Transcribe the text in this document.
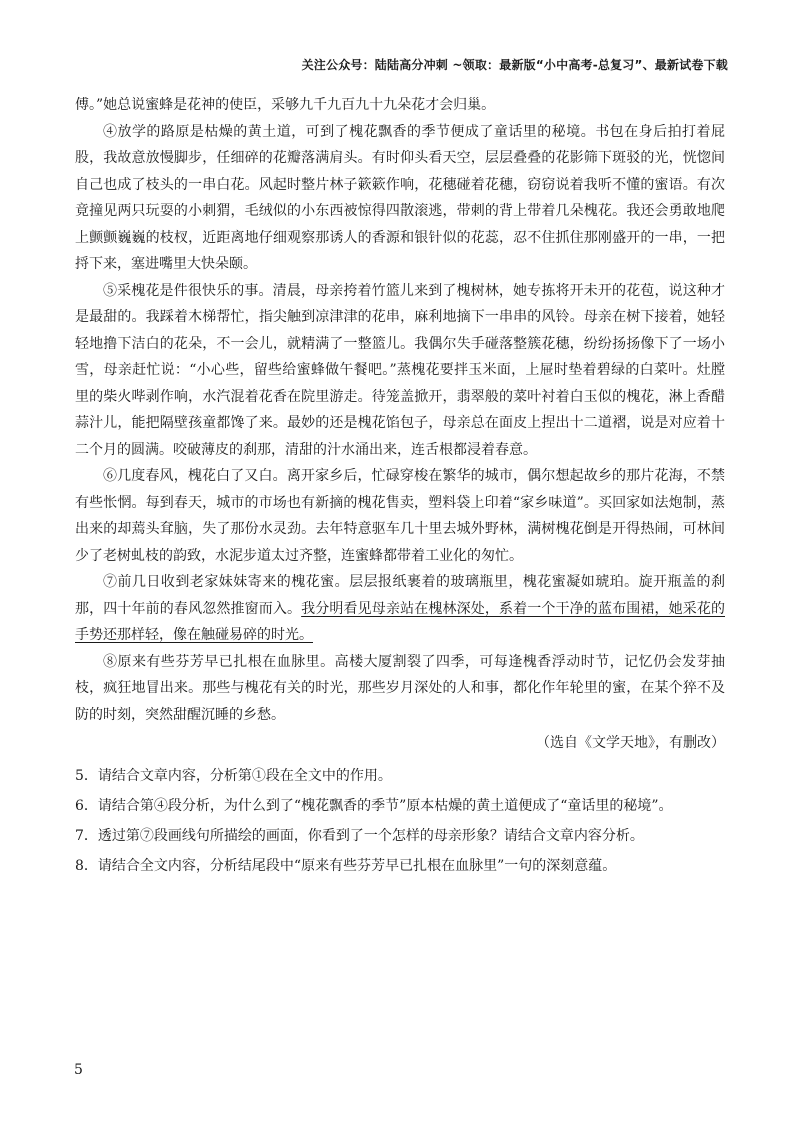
关注公众号：陆陆高分冲刺 ~领取：最新版“小中高考-总复习”、最新试卷下载

傅。”她总说蜜蜂是花神的使臣，采够九千九百九十九朵花才会归巢。

④放学的路原是枯燥的黄土道，可到了槐花飘香的季节便成了童话里的秘境。书包在身后拍打着屁股，我故意放慢脚步，任细碎的花瓣落满肩头。有时仰头看天空，层层叠叠的花影筛下斑驳的光，恍惚间自己也成了枝头的一串白花。风起时整片林子簌簌作响，花穗碰着花穗，窃窃说着我听不懂的蜜语。有次竟撞见两只玩耍的小刺猬，毛绒似的小东西被惊得四散滚逃，带刺的背上带着几朵槐花。我还会勇敢地爬上颤颤巍巍的枝杈，近距离地仔细观察那诱人的香源和银针似的花蕊，忍不住抓住那刚盛开的一串，一把捋下来，塞进嘴里大快朵颐。

⑤采槐花是件很快乐的事。清晨，母亲挎着竹篮儿来到了槐树林，她专拣将开未开的花苞，说这种才是最甜的。我踩着木梯帮忙，指尖触到凉津津的花串，麻利地摘下一串串的风铃。母亲在树下接着，她轻轻地撸下洁白的花朵，不一会儿，就精满了一整篮儿。我偶尔失手碰落整簇花穗，纷纷扬扬像下了一场小雪，母亲赶忙说：“小心些，留些给蜜蜂做午餐吧。”蒸槐花要拌玉米面，上屉时垫着碧绿的白菜叶。灶膛里的柴火哔剥作响，水汽混着花香在院里游走。待笼盖掀开，翡翠般的菜叶衬着白玉似的槐花，淋上香醋蒜汁儿，能把隔壁孩童都馋了来。最妙的还是槐花馅包子，母亲总在面皮上捏出十二道褶，说是对应着十二个月的圆满。咬破薄皮的刹那，清甜的汁水涌出来，连舌根都浸着春意。

⑥几度春风，槐花白了又白。离开家乡后，忙碌穿梭在繁华的城市，偶尔想起故乡的那片花海，不禁有些怅惘。每到春天，城市的市场也有新摘的槐花售卖，塑料袋上印着“家乡味道”。买回家如法炮制，蒸出来的却蔫头耷脑，失了那份水灵劲。去年特意驱车几十里去城外野林，满树槐花倒是开得热闹，可林间少了老树虬枝的韵致，水泥步道太过齐整，连蜜蜂都带着工业化的匆忙。

⑦前几日收到老家妹妹寄来的槐花蜜。层层报纸裹着的玻璃瓶里，槐花蜜凝如琥珀。旋开瓶盖的刹那，四十年前的春风忽然推窗而入。我分明看见母亲站在槐林深处，系着一个干净的蓝布围裙，她采花的手势还那样轻，像在触碰易碎的时光。

⑧原来有些芬芳早已扎根在血脉里。高楼大厦割裂了四季，可每逢槐香浮动时节，记忆仍会发芽抽枝，疯狂地冒出来。那些与槐花有关的时光，那些岁月深处的人和事，都化作年轮里的蜜，在某个猝不及防的时刻，突然甜醒沉睡的乡愁。

（选自《文学天地》，有删改）

5．请结合文章内容，分析第①段在全文中的作用。

6．请结合第④段分析，为什么到了“槐花飘香的季节”原本枯燥的黄土道便成了“童话里的秘境”。

7．透过第⑦段画线句所描绘的画面，你看到了一个怎样的母亲形象？请结合文章内容分析。

8．请结合全文内容，分析结尾段中“原来有些芬芳早已扎根在血脉里”一句的深刻意蕴。

5
